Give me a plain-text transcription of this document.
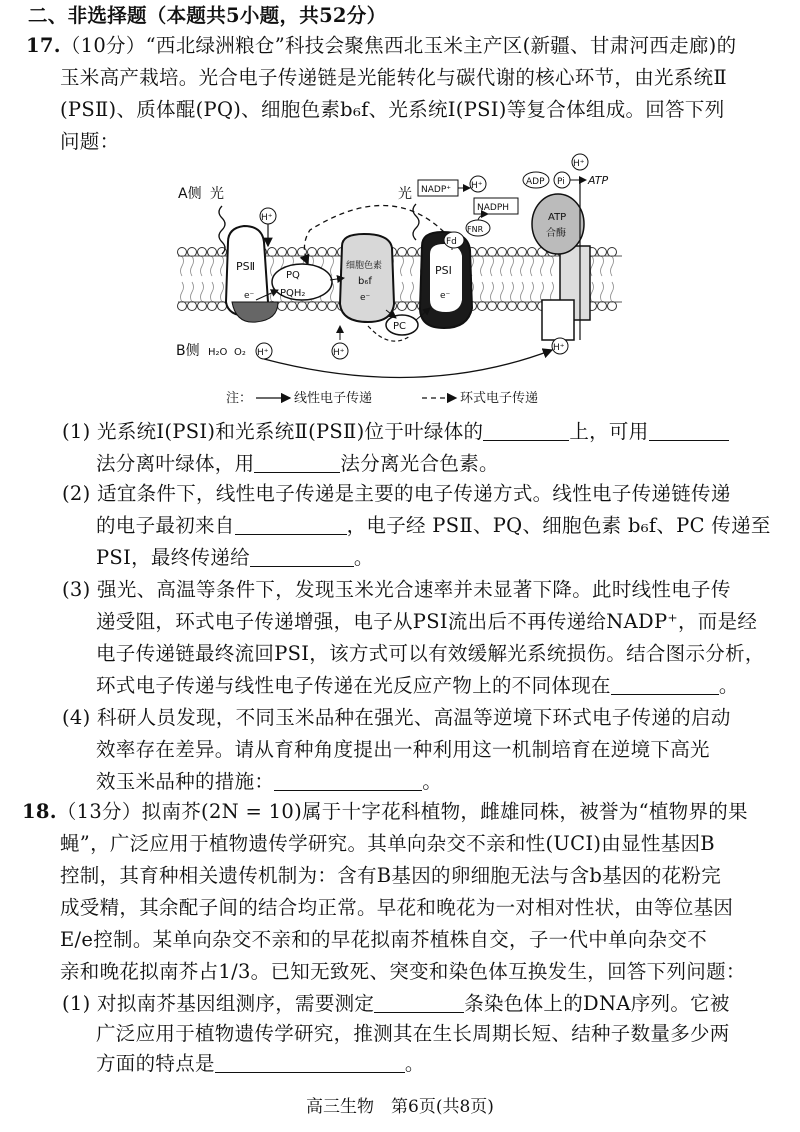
二、非选择题（本题共5小题，共52分）
17.（10分）“西北绿洲粮仓”科技会聚焦西北玉米主产区(新疆、甘肃河西走廊)的
玉米高产栽培。光合电子传递链是光能转化与碳代谢的核心环节，由光系统Ⅱ
(PSⅡ)、质体醌(PQ)、细胞色素b₆f、光系统Ⅰ(PSⅠ)等复合体组成。回答下列
问题：
A侧 光
B侧 H₂O O₂
PSⅡ
e⁻
H⁺
PQ
PQH₂
细胞色素
b₆f
e⁻
PC
光
PSⅠ
e⁻
Fd
FNR
NADP⁺ H⁺
NADPH
ATP
合酶
ADP Pi ATP
H⁺
H⁺	H⁺	H⁺
注：	线性电子传递	环式电子传递
(1) 光系统Ⅰ(PSⅠ)和光系统Ⅱ(PSⅡ)位于叶绿体的	上，可用
法分离叶绿体，用	法分离光合色素。
(2) 适宜条件下，线性电子传递是主要的电子传递方式。线性电子传递链传递
的电子最初来自	，电子经 PSⅡ、PQ、细胞色素 b₆f、PC 传递至
PSⅠ，最终传递给	。
(3) 强光、高温等条件下，发现玉米光合速率并未显著下降。此时线性电子传
递受阻，环式电子传递增强，电子从PSⅠ流出后不再传递给NADP⁺，而是经
电子传递链最终流回PSⅠ，该方式可以有效缓解光系统损伤。结合图示分析，
环式电子传递与线性电子传递在光反应产物上的不同体现在	。
(4) 科研人员发现，不同玉米品种在强光、高温等逆境下环式电子传递的启动
效率存在差异。请从育种角度提出一种利用这一机制培育在逆境下高光
效玉米品种的措施：	。
18.（13分）拟南芥(2N = 10)属于十字花科植物，雌雄同株，被誉为“植物界的果
蝇”，广泛应用于植物遗传学研究。其单向杂交不亲和性(UCI)由显性基因B
控制，其育种相关遗传机制为：含有B基因的卵细胞无法与含b基因的花粉完
成受精，其余配子间的结合均正常。早花和晚花为一对相对性状，由等位基因
E/e控制。某单向杂交不亲和的早花拟南芥植株自交，子一代中单向杂交不
亲和晚花拟南芥占1/3。已知无致死、突变和染色体互换发生，回答下列问题：
(1) 对拟南芥基因组测序，需要测定	条染色体上的DNA序列。它被
广泛应用于植物遗传学研究，推测其在生长周期长短、结种子数量多少两
方面的特点是	。
高三生物　第6页(共8页)
